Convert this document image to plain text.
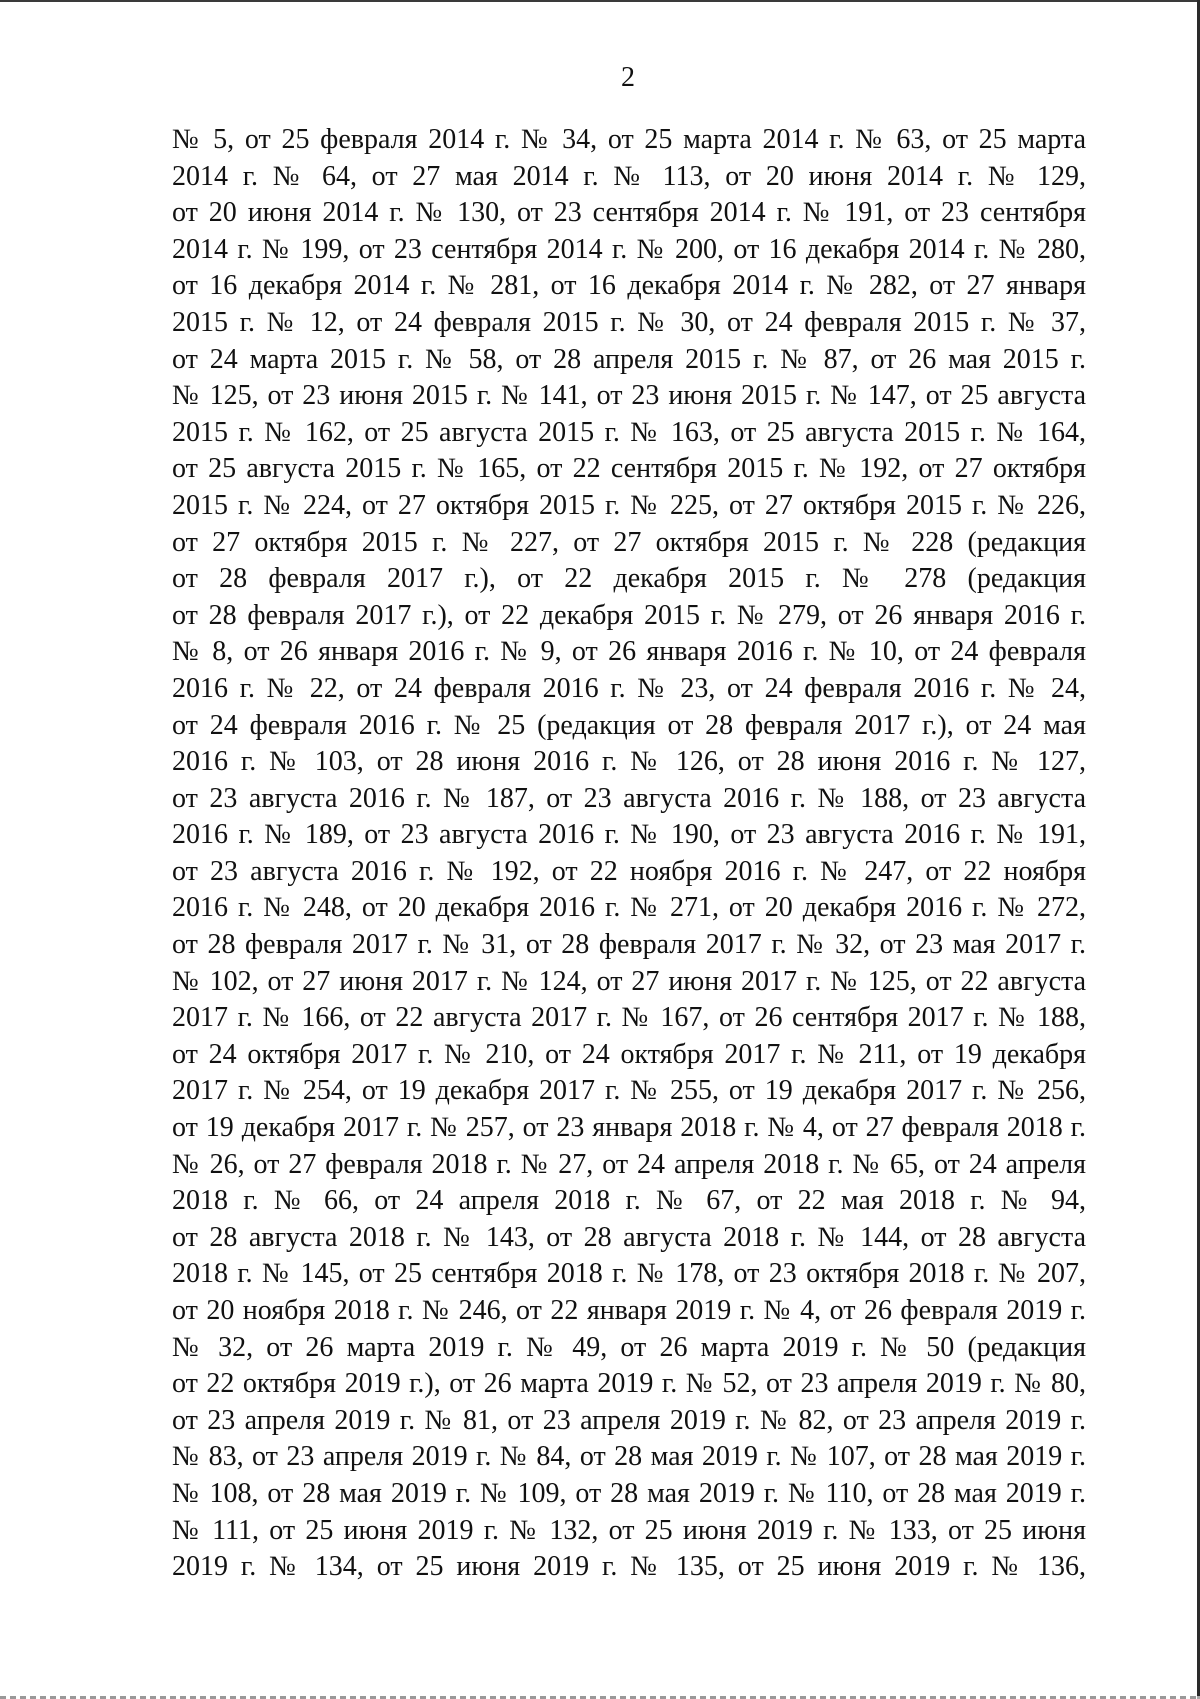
2
№ 5, от 25 февраля 2014 г. № 34, от 25 марта 2014 г. № 63, от 25 марта
2014 г. № 64, от 27 мая 2014 г. № 113, от 20 июня 2014 г. № 129,
от 20 июня 2014 г. № 130, от 23 сентября 2014 г. № 191, от 23 сентября
2014 г. № 199, от 23 сентября 2014 г. № 200, от 16 декабря 2014 г. № 280,
от 16 декабря 2014 г. № 281, от 16 декабря 2014 г. № 282, от 27 января
2015 г. № 12, от 24 февраля 2015 г. № 30, от 24 февраля 2015 г. № 37,
от 24 марта 2015 г. № 58, от 28 апреля 2015 г. № 87, от 26 мая 2015 г.
№ 125, от 23 июня 2015 г. № 141, от 23 июня 2015 г. № 147, от 25 августа
2015 г. № 162, от 25 августа 2015 г. № 163, от 25 августа 2015 г. № 164,
от 25 августа 2015 г. № 165, от 22 сентября 2015 г. № 192, от 27 октября
2015 г. № 224, от 27 октября 2015 г. № 225, от 27 октября 2015 г. № 226,
от 27 октября 2015 г. № 227, от 27 октября 2015 г. № 228 (редакция
от 28 февраля 2017 г.), от 22 декабря 2015 г. № 278 (редакция
от 28 февраля 2017 г.), от 22 декабря 2015 г. № 279, от 26 января 2016 г.
№ 8, от 26 января 2016 г. № 9, от 26 января 2016 г. № 10, от 24 февраля
2016 г. № 22, от 24 февраля 2016 г. № 23, от 24 февраля 2016 г. № 24,
от 24 февраля 2016 г. № 25 (редакция от 28 февраля 2017 г.), от 24 мая
2016 г. № 103, от 28 июня 2016 г. № 126, от 28 июня 2016 г. № 127,
от 23 августа 2016 г. № 187, от 23 августа 2016 г. № 188, от 23 августа
2016 г. № 189, от 23 августа 2016 г. № 190, от 23 августа 2016 г. № 191,
от 23 августа 2016 г. № 192, от 22 ноября 2016 г. № 247, от 22 ноября
2016 г. № 248, от 20 декабря 2016 г. № 271, от 20 декабря 2016 г. № 272,
от 28 февраля 2017 г. № 31, от 28 февраля 2017 г. № 32, от 23 мая 2017 г.
№ 102, от 27 июня 2017 г. № 124, от 27 июня 2017 г. № 125, от 22 августа
2017 г. № 166, от 22 августа 2017 г. № 167, от 26 сентября 2017 г. № 188,
от 24 октября 2017 г. № 210, от 24 октября 2017 г. № 211, от 19 декабря
2017 г. № 254, от 19 декабря 2017 г. № 255, от 19 декабря 2017 г. № 256,
от 19 декабря 2017 г. № 257, от 23 января 2018 г. № 4, от 27 февраля 2018 г.
№ 26, от 27 февраля 2018 г. № 27, от 24 апреля 2018 г. № 65, от 24 апреля
2018 г. № 66, от 24 апреля 2018 г. № 67, от 22 мая 2018 г. № 94,
от 28 августа 2018 г. № 143, от 28 августа 2018 г. № 144, от 28 августа
2018 г. № 145, от 25 сентября 2018 г. № 178, от 23 октября 2018 г. № 207,
от 20 ноября 2018 г. № 246, от 22 января 2019 г. № 4, от 26 февраля 2019 г.
№ 32, от 26 марта 2019 г. № 49, от 26 марта 2019 г. № 50 (редакция
от 22 октября 2019 г.), от 26 марта 2019 г. № 52, от 23 апреля 2019 г. № 80,
от 23 апреля 2019 г. № 81, от 23 апреля 2019 г. № 82, от 23 апреля 2019 г.
№ 83, от 23 апреля 2019 г. № 84, от 28 мая 2019 г. № 107, от 28 мая 2019 г.
№ 108, от 28 мая 2019 г. № 109, от 28 мая 2019 г. № 110, от 28 мая 2019 г.
№ 111, от 25 июня 2019 г. № 132, от 25 июня 2019 г. № 133, от 25 июня
2019 г. № 134, от 25 июня 2019 г. № 135, от 25 июня 2019 г. № 136,
